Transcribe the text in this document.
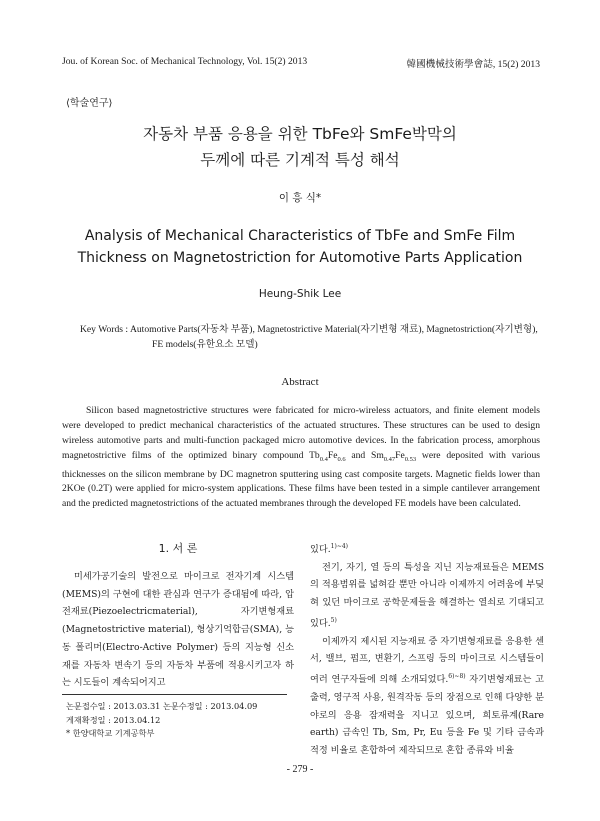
Jou. of Korean Soc. of Mechanical Technology, Vol. 15(2) 2013	韓國機械技術學會誌, 15(2) 2013
⟨학술연구⟩
자동차 부품 응용을 위한 TbFe와 SmFe박막의
두께에 따른 기계적 특성 해석
이 흥 식*
Analysis of Mechanical Characteristics of TbFe and SmFe Film
Thickness on Magnetostriction for Automotive Parts Application
Heung-Shik Lee
Key Words : Automotive Parts(자동차 부품), Magnetostrictive Material(자기변형 재료), Magnetostriction(자기변형),
FE models(유한요소 모델)
Abstract
Silicon based magnetostrictive structures were fabricated for micro-wireless actuators, and finite element models were developed to predict mechanical characteristics of the actuated structures. These structures can be used to design wireless automotive parts and multi-function packaged micro automotive devices. In the fabrication process, amorphous magnetostrictive films of the optimized binary compound $Tb_{0.4}Fe_{0.6}$ and $Sm_{0.47}Fe_{0.53}$ were deposited with various thicknesses on the silicon membrane by DC magnetron sputtering using cast composite targets. Magnetic fields lower than 2KOe (0.2T) were applied for micro-system applications. These films have been tested in a simple cantilever arrangement and the predicted magnetostrictions of the actuated membranes through the developed FE models have been calculated.
1. 서 론

미세가공기술의 발전으로 마이크로 전자기계 시스템(MEMS)의 구현에 대한 관심과 연구가 증대됨에 따라, 압전재료(Piezoelectricmaterial), 자기변형재료(Magnetostrictive material), 형상기억합금(SMA), 능동 폴리머(Electro-Active Polymer) 등의 지능형 신소재를 자동차 변속기 등의 자동차 부품에 적용시키고자 하는 시도들이 계속되어지고

있다.$^{1)\sim 4)}$

전기, 자기, 열 등의 특성을 지닌 지능재료들은 MEMS의 적용범위를 넓혀갈 뿐만 아니라 이제까지 어려움에 부딪혀 있던 마이크로 공학문제들을 해결하는 열쇠로 기대되고 있다.$^{5)}$

이제까지 제시된 지능재료 중 자기변형재료를 응용한 센서, 밸브, 펌프, 변환기, 스프링 등의 마이크로 시스템들이 여러 연구자들에 의해 소개되었다.$^{6)\sim 8)}$ 자기변형재료는 고출력, 영구적 사용, 원격작동 등의 장점으로 인해 다양한 분야로의 응용 잠재력을 지니고 있으며, 희토류계(Rare earth) 금속인 Tb, Sm, Pr, Eu 등을 Fe 및 기타 금속과 적정 비율로 혼합하여 제작되므로 혼합 종류와 비율

논문접수일 : 2013.03.31 논문수정일 : 2013.04.09
게재확정일 : 2013.04.12
* 한양대학교 기계공학부
- 279 -
